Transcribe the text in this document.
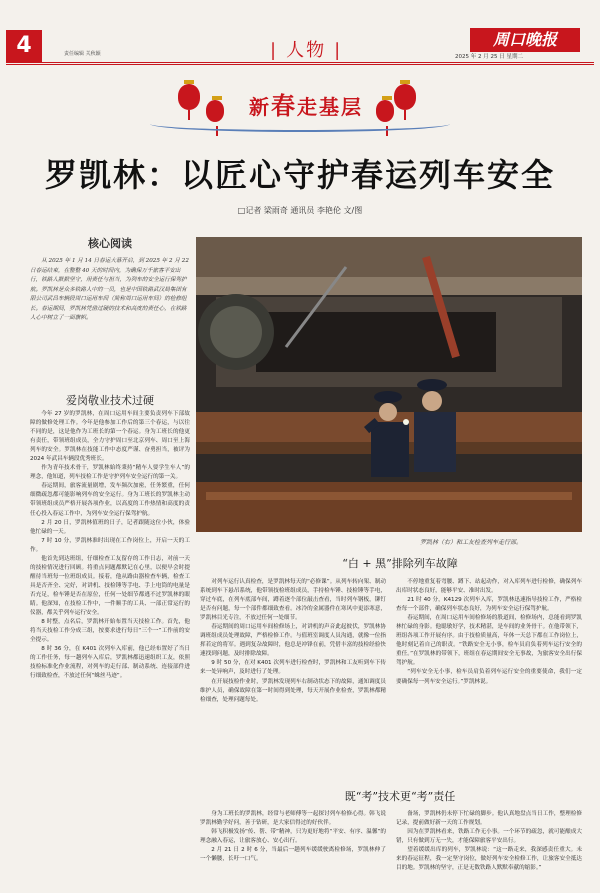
4	责任编辑 关秋颖
|	人物 |
周口晚报
2025 年 2 月 25 日 星期二
新春走基层
罗凯林：以匠心守护春运列车安全
□记者 梁雨奇 通讯员 李艳伦 文/图
核心阅读
从 2025 年 1 月 14 日春运大幕开启，到 2025 年 2 月 22 日春运结束，在整整 40 天的时间内，为确保万千旅客平安出行，铁路人默默坚守，用责任与担当，为列车的安全运行保驾护航。罗凯林是众多铁路人中的一员，也是中国铁路武汉局集团有限公司武昌车辆段周口运用车间（简称周口运用车间）的检修组长。春运期间，罗凯林凭借过硬的技术和高度的责任心，在铁路人心中树立了一面旗帜。
罗凯林（右）和工友检查列车走行部。
爱岗敬业技术过硬

今年 27 岁的罗凯林，在周口运用车间主要负责列车下部故障的做修处理工作。今年是他参加工作后的第三个春运，与以往不同的是，这是他作为工班长的第一个春运。身为工班长的他更有责任，带领班组成员，全力守护周口至北京列车、周口至上海列车的安全。罗凯林在技能工作中态度严谨、奋勇担当，被评为 2024 年武昌车辆段优秀班长。

作为青年技术骨干，罗凯林始终秉持“精车人要学生车人”的理念，他知道，列车技检工作是守护列车安全运行的第一关。

春运期间，旅客流量剧增，发车频次加密，任务繁重，任何细微疏忽都可能影响列车的安全运行。身为工班长的罗凯林主动带领班组成员严格开展各项作业，以高度的工作热情和高度的责任心投入春运工作中，为列车安全运行保驾护航。

2 月 20 日，罗凯林值班的日子，记者跟随这位小伙，体验他忙碌的一天。

7 时 10 分，罗凯林准时出现在工作岗位上，开启一天的工作。

他首先到达班组，仔细检查工友留存的工作日志，对前一天的技检情况进行回顾。将重点问题都默记在心里，以便早会时提醒待当班每一位班组成员。接着，他从路由器检查车辆，检查工具是否齐全、完好，对讲机、技检锤等手电、手上电筒的电量是否充足，检车锤是否在原位，任何一处细节都逃不过罗凯林的眼睛。他深知，在技检工作中，一件顺手的工具、一部正常运行的仪器，都关乎列车运行安全。

8 时整，点名后，罗凯林开始布置当天技检工作。首先，他将当天技检工作分成三组，按要求进行每日“三个一”工作前的安全提示。

8 时 36 分，在 K401 次列车入库前，他已经布置好了当日的工作任务，每一趟列车入库后，罗凯林都迅速组织工友，依照技检标准化作业流程，对列车的走行部、制动系统、连接部件进行细致检查，不放过任何“蛛丝马迹”。

“白 + 黑”排除列车故障

对列车运行认真检查，是罗凯林每天的“必修课”。从列车转向架、制动系统到车下悬吊系统，他带领技检班组成员，手持检车锤、技检锤等手电，穿过车底，在列车底部车间，蹲着逐个部位敲击查看，当时列车钢板，铆钉是否有问题，每一个部件都细致查看。冰冷的金属器件在寒风中更添寒意，罗凯林目光专注，不放过任何一处细节。

春运期间的周口运用车间检修场上，对讲机的声音此起彼伏，罗凯林协调班组成员处理故障，严格检修工作。与值班室调度人员沟通，就像一位指挥若定的将军。遇到复杂故障时，他总是冲锋在前，凭借丰富的技检经验快速找到问题，及时排除故障。

9 时 50 分，在对 K401 次列车进行检查时，罗凯林和工友听到车下传来一处异响声，及时进行了处理。

在开展技检作业时，罗凯林发现列车右制动状态下的故障，通知调度员维护人员，确保故障在第一时间得到处理，每天开展作业检查，罗凯林都精检细查，处理问题每处。

不停地重复着弯腰、蹲下、站起动作，对入库列车进行检修，确保列车出库时状态良好，能够平安、准时出发。

21 时 40 分，K4129 次列车入库，罗凯林迅速指导技检工作，严格检查每一个部件，确保列车状态良好，为列车安全运行保驾护航。

春运期间，在周口运用车间检修场的股道间，检修场内，总能看到罗凯林忙碌的身影。他聪敏好学，技术精湛，是车间的业务骨干。在他带领下，班组各项工作开展有序。由于技检质量高，年休一天总下都在工作岗位上，他时刻记着自己的职责。“铁路安全无小事，检车员肩负着列车运行安全的重任。”在罗凯林的带领下，班组在春运期间安全无事故，为旅客安全出行保驾护航。

“列车安全无小事，检车员肩负着列车运行安全的重要使命，我们一定要确保每一列车安全运行。”罗凯林说。

既“考”技术更“考”责任

身为工班长的罗凯林，经常与老师傅等一起探讨列车检修心得。韩飞说罗凯林勤学好问，善于钻研，是大家信得过的好伙伴。

韩飞积极发扬“传、帮、带”精神，只为更好地将“平安、有序、温馨”的理念融入春运，让旅客放心、安心出行。

2 月 21 日 2 时 6 分，当最后一趟列车缓缓驶离检修场，罗凯林伸了一个懒腰，长吁一口气。

备场，罗凯林仍未停下忙碌的脚步。他认真地盘点当日工作，整理检修记录，提前做好新一天的工作规划。

因为在罗凯林看来，铁路工作无小事。一个环节的疏忽，就可能酿成大错，只有做到万无一失，才能保障旅客平安出行。

望着缓缓出库的列车，罗凯林说：“这一路走来，我深感责任重大。未来的春运征程，我一定坚守岗位，做好列车安全检修工作，让旅客安全抵达目的地。罗凯林的坚守，正是无数铁路人默默奉献的缩影。”
